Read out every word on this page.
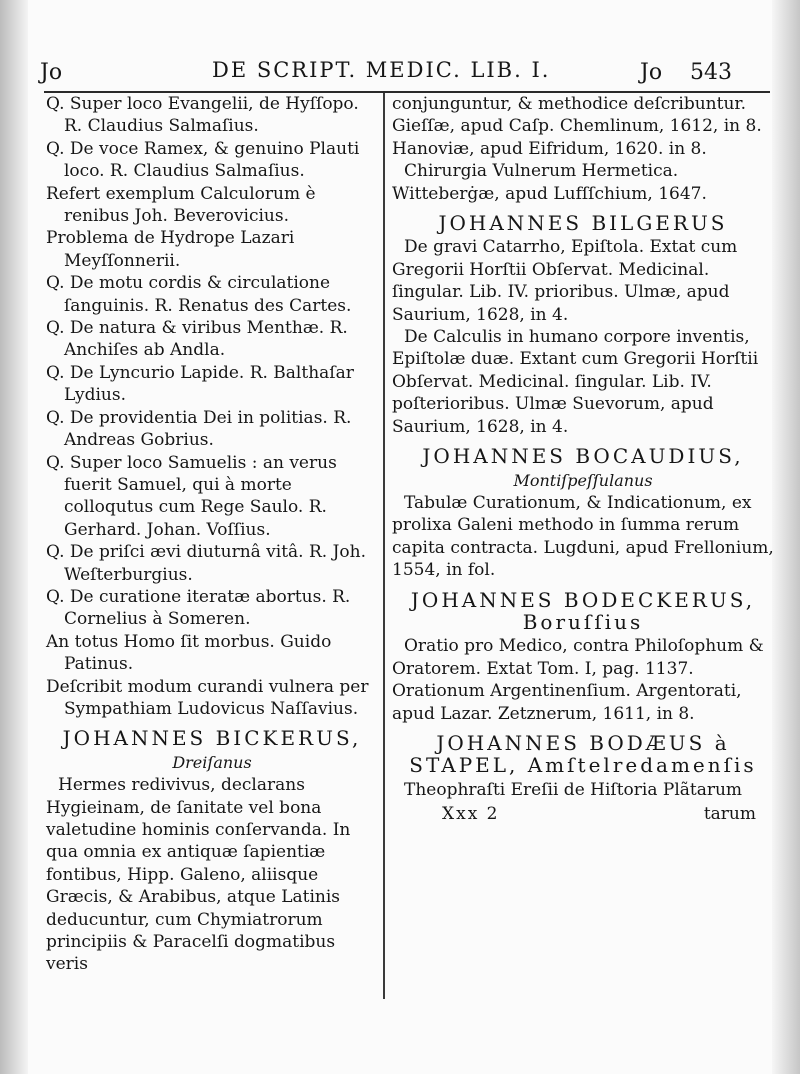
Jo	DE SCRIPT. MEDIC. LIB. I.	Jo 543

Q. Super loco Evangelii, de Hyſſopo. R. Claudius Salmaſius.

Q. De voce Ramex, & genuino Plauti loco. R. Claudius Salmaſius.

Refert exemplum Calculorum è renibus Joh. Beverovicius.

Problema de Hydrope Lazari Meyſſonnerii.

Q. De motu cordis & circulatione ſanguinis. R. Renatus des Cartes.

Q. De natura & viribus Menthæ. R. Anchiſes ab Andla.

Q. De Lyncurio Lapide. R. Balthaſar Lydius.

Q. De providentia Dei in politias. R. Andreas Gobrius.

Q. Super loco Samuelis : an verus fuerit Samuel, qui à morte colloqutus cum Rege Saulo. R. Gerhard. Johan. Voſſius.

Q. De priſci ævi diuturnâ vitâ. R. Joh. Weſterburgius.

Q. De curatione iteratæ abortus. R. Cornelius à Someren.

An totus Homo ſit morbus. Guido Patinus.

Deſcribit modum curandi vulnera per Sympathiam Ludovicus Naſſavius.

JOHANNES BICKERUS,

Dreiſanus

Hermes redivivus, declarans Hygieinam, de ſanitate vel bona valetudine hominis conſervanda. In qua omnia ex antiquæ ſapientiæ fontibus, Hipp. Galeno, aliisque Græcis, & Arabibus, atque Latinis deducuntur, cum Chymiatrorum principiis & Paracelſi dogmatibus veris

conjunguntur, & methodice deſcribuntur. Gieſſæ, apud Caſp. Chemlinum, 1612, in 8. Hanoviæ, apud Eifridum, 1620. in 8.

Chirurgia Vulnerum Hermetica. Witteberġæ, apud Lufſſchium, 1647.

JOHANNES BILGERUS

De gravi Catarrho, Epiſtola. Extat cum Gregorii Horſtii Obſervat. Medicinal. ſingular. Lib. IV. prioribus. Ulmæ, apud Saurium, 1628, in 4.

De Calculis in humano corpore inventis, Epiſtolæ duæ. Extant cum Gregorii Horſtii Obſervat. Medicinal. ſingular. Lib. IV. poſterioribus. Ulmæ Suevorum, apud Saurium, 1628, in 4.

JOHANNES BOCAUDIUS,

Montiſpeſſulanus

Tabulæ Curationum, & Indicationum, ex prolixa Galeni methodo in ſumma rerum capita contracta. Lugduni, apud Frellonium, 1554, in fol.

JOHANNES BODECKERUS, Boruſſius

Oratio pro Medico, contra Philoſophum & Oratorem. Extat Tom. I, pag. 1137. Orationum Argentinenſium. Argentorati, apud Lazar. Zetznerum, 1611, in 8.

JOHANNES BODÆUS à STAPEL, Amſtelredamenſis

Theophraſti Ereſii de Hiſtoria Plãtarum

Xxx 2	tarum
